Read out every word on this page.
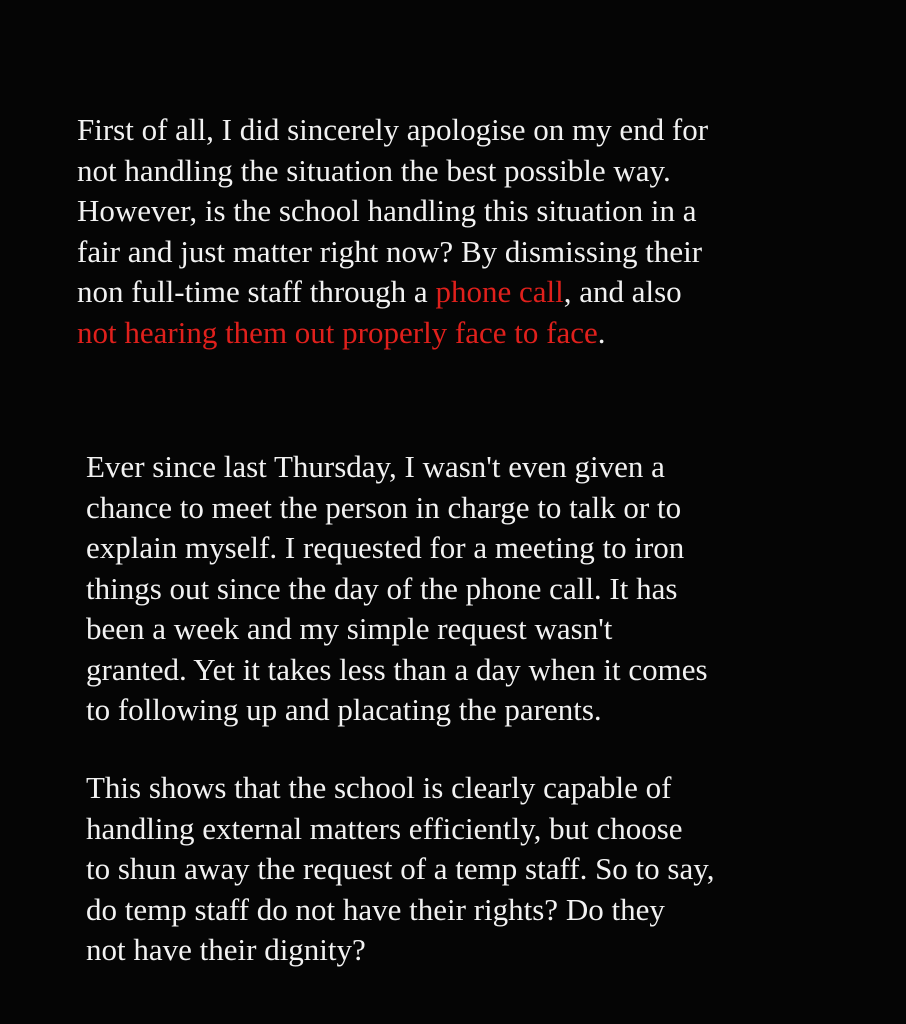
First of all, I did sincerely apologise on my end for
not handling the situation the best possible way.
However, is the school handling this situation in a
fair and just matter right now? By dismissing their
non full-time staff through a phone call, and also
not hearing them out properly face to face.

Ever since last Thursday, I wasn't even given a
chance to meet the person in charge to talk or to
explain myself. I requested for a meeting to iron
things out since the day of the phone call. It has
been a week and my simple request wasn't
granted. Yet it takes less than a day when it comes
to following up and placating the parents.

This shows that the school is clearly capable of
handling external matters efficiently, but choose
to shun away the request of a temp staff. So to say,
do temp staff do not have their rights? Do they
not have their dignity?
